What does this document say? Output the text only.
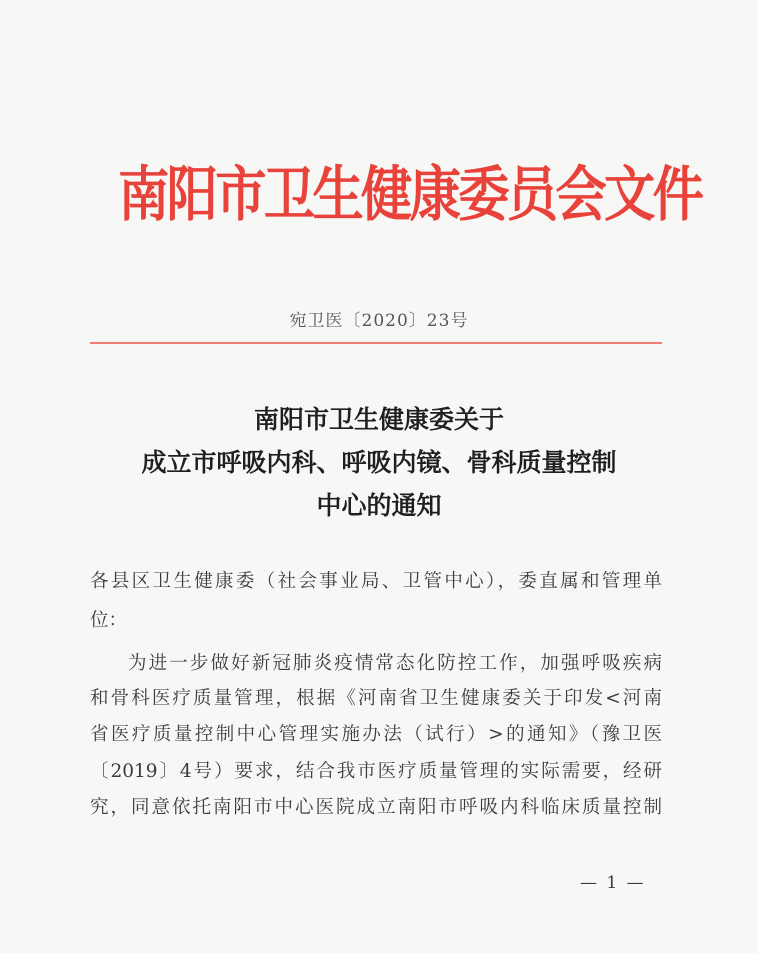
南阳市卫生健康委员会文件
宛卫医〔2020〕23号
南阳市卫生健康委关于
成立市呼吸内科、呼吸内镜、骨科质量控制
中心的通知
各县区卫生健康委（社会事业局、卫管中心），委直属和管理单
位：
为进一步做好新冠肺炎疫情常态化防控工作，加强呼吸疾病
和骨科医疗质量管理，根据《河南省卫生健康委关于印发<河南
省医疗质量控制中心管理实施办法（试行）>的通知》（豫卫医
〔2019〕4号）要求，结合我市医疗质量管理的实际需要，经研
究，同意依托南阳市中心医院成立南阳市呼吸内科临床质量控制
— 1 —
